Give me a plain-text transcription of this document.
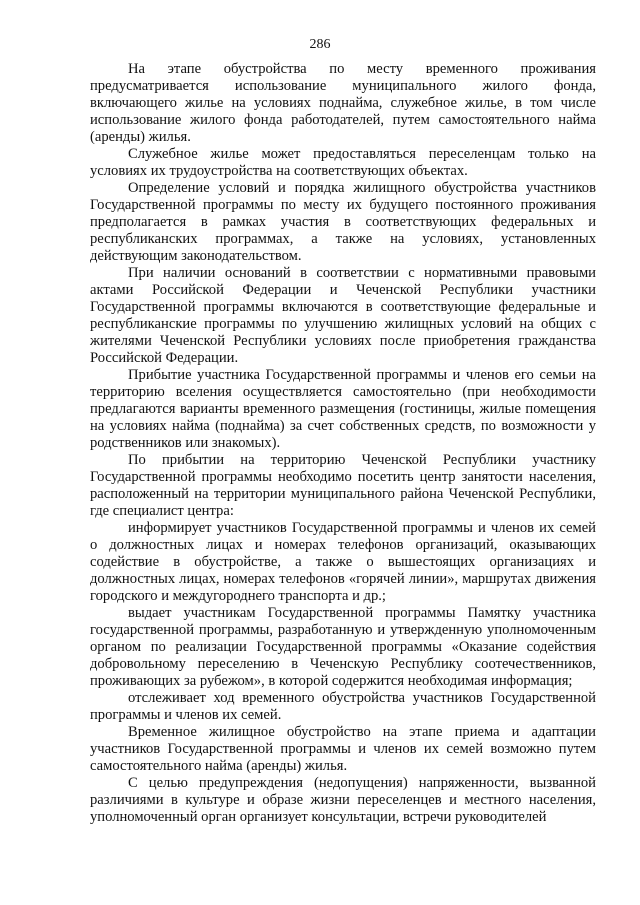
286

На этапе обустройства по месту временного проживания предусматривается использование муниципального жилого фонда, включающего жилье на условиях поднайма, служебное жилье, в том числе использование жилого фонда работодателей, путем самостоятельного найма (аренды) жилья.

Служебное жилье может предоставляться переселенцам только на условиях их трудоустройства на соответствующих объектах.

Определение условий и порядка жилищного обустройства участников Государственной программы по месту их будущего постоянного проживания предполагается в рамках участия в соответствующих федеральных и республиканских программах, а также на условиях, установленных действующим законодательством.

При наличии оснований в соответствии с нормативными правовыми актами Российской Федерации и Чеченской Республики участники Государственной программы включаются в соответствующие федеральные и республиканские программы по улучшению жилищных условий на общих с жителями Чеченской Республики условиях после приобретения гражданства Российской Федерации.

Прибытие участника Государственной программы и членов его семьи на территорию вселения осуществляется самостоятельно (при необходимости предлагаются варианты временного размещения (гостиницы, жилые помещения на условиях найма (поднайма) за счет собственных средств, по возможности у родственников или знакомых).

По прибытии на территорию Чеченской Республики участнику Государственной программы необходимо посетить центр занятости населения, расположенный на территории муниципального района Чеченской Республики, где специалист центра:

информирует участников Государственной программы и членов их семей о должностных лицах и номерах телефонов организаций, оказывающих содействие в обустройстве, а также о вышестоящих организациях и должностных лицах, номерах телефонов «горячей линии», маршрутах движения городского и междугороднего транспорта и др.;

выдает участникам Государственной программы Памятку участника государственной программы, разработанную и утвержденную уполномоченным органом по реализации Государственной программы «Оказание содействия добровольному переселению в Чеченскую Республику соотечественников, проживающих за рубежом», в которой содержится необходимая информация;

отслеживает ход временного обустройства участников Государственной программы и членов их семей.

Временное жилищное обустройство на этапе приема и адаптации участников Государственной программы и членов их семей возможно путем самостоятельного найма (аренды) жилья.

С целью предупреждения (недопущения) напряженности, вызванной различиями в культуре и образе жизни переселенцев и местного населения, уполномоченный орган организует консультации, встречи руководителей
